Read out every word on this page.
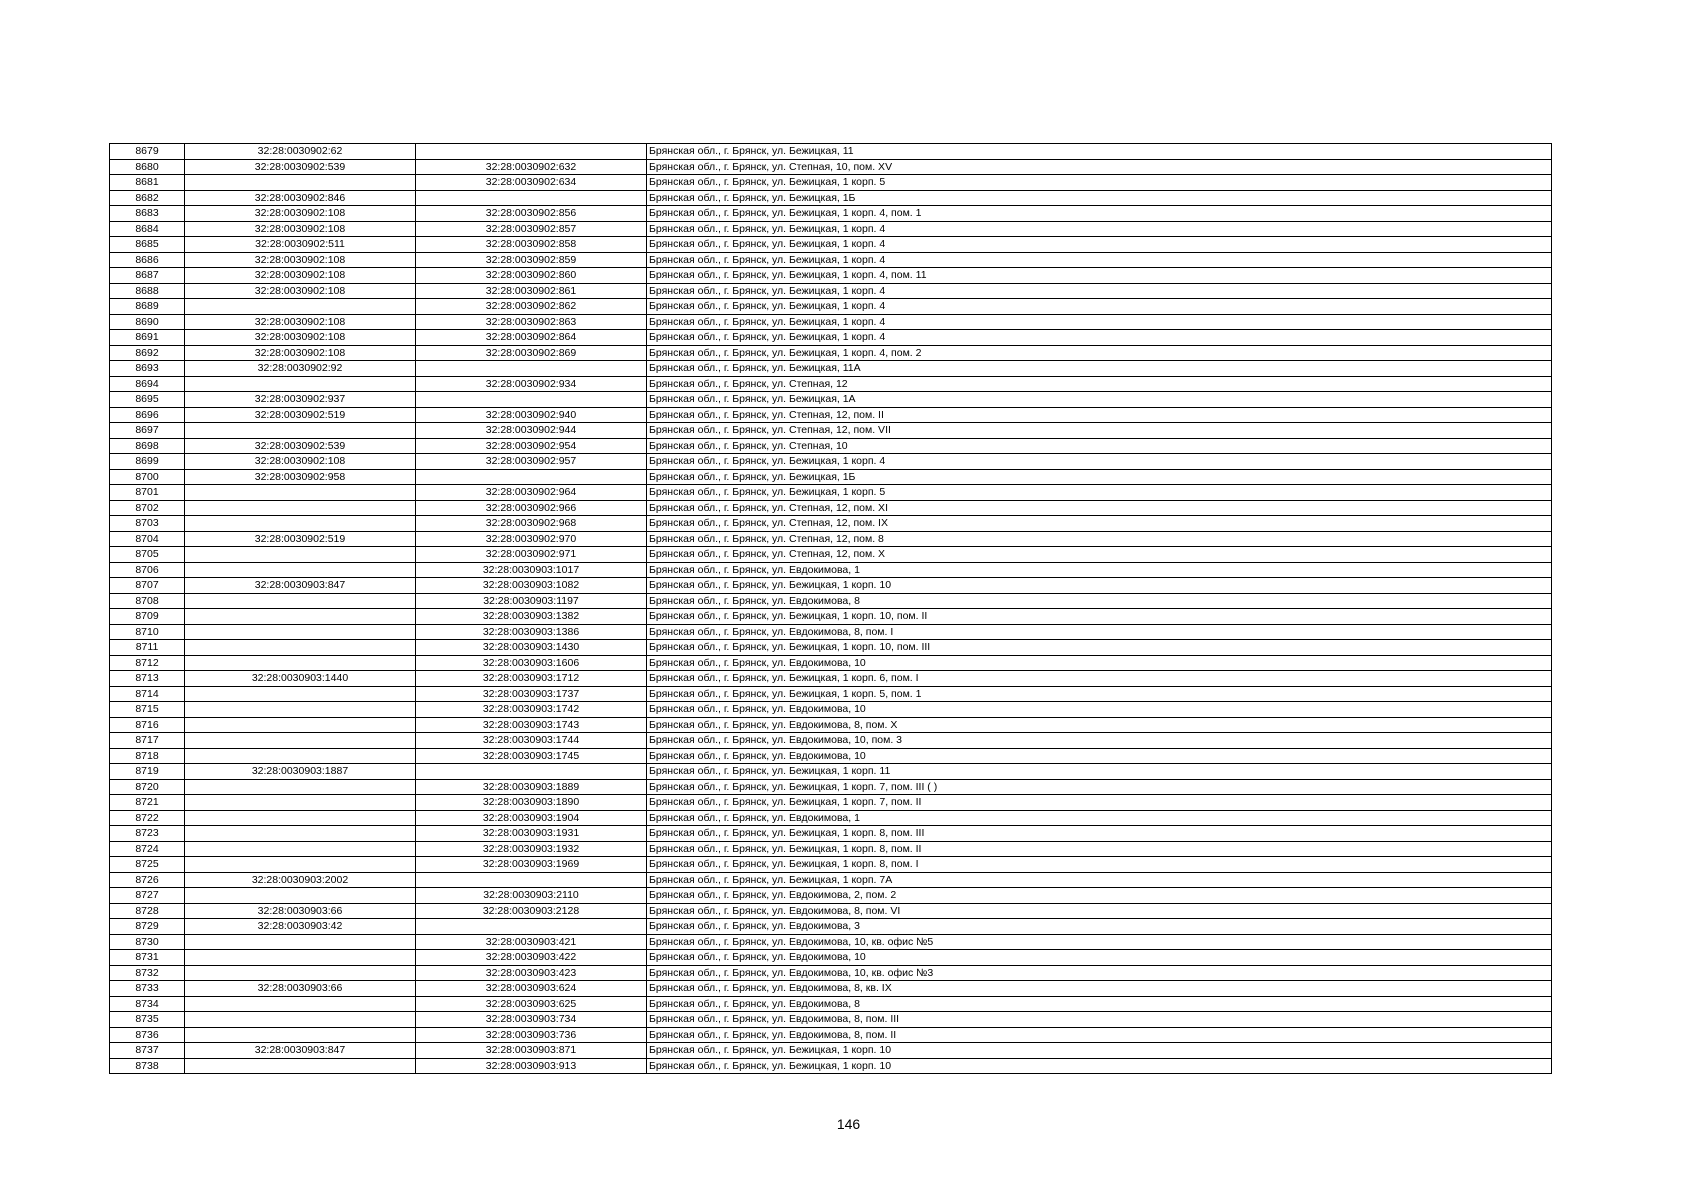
8679	32:28:0030902:62		Брянская обл., г. Брянск, ул. Бежицкая, 11
8680	32:28:0030902:539	32:28:0030902:632	Брянская обл., г. Брянск, ул. Степная, 10, пом. XV
8681		32:28:0030902:634	Брянская обл., г. Брянск, ул. Бежицкая, 1 корп. 5
8682	32:28:0030902:846		Брянская обл., г. Брянск, ул. Бежицкая, 1Б
8683	32:28:0030902:108	32:28:0030902:856	Брянская обл., г. Брянск, ул. Бежицкая, 1 корп. 4, пом. 1
8684	32:28:0030902:108	32:28:0030902:857	Брянская обл., г. Брянск, ул. Бежицкая, 1 корп. 4
8685	32:28:0030902:511	32:28:0030902:858	Брянская обл., г. Брянск, ул. Бежицкая, 1 корп. 4
8686	32:28:0030902:108	32:28:0030902:859	Брянская обл., г. Брянск, ул. Бежицкая, 1 корп. 4
8687	32:28:0030902:108	32:28:0030902:860	Брянская обл., г. Брянск, ул. Бежицкая, 1 корп. 4, пом. 11
8688	32:28:0030902:108	32:28:0030902:861	Брянская обл., г. Брянск, ул. Бежицкая, 1 корп. 4
8689		32:28:0030902:862	Брянская обл., г. Брянск, ул. Бежицкая, 1 корп. 4
8690	32:28:0030902:108	32:28:0030902:863	Брянская обл., г. Брянск, ул. Бежицкая, 1 корп. 4
8691	32:28:0030902:108	32:28:0030902:864	Брянская обл., г. Брянск, ул. Бежицкая, 1 корп. 4
8692	32:28:0030902:108	32:28:0030902:869	Брянская обл., г. Брянск, ул. Бежицкая, 1 корп. 4, пом. 2
8693	32:28:0030902:92		Брянская обл., г. Брянск, ул. Бежицкая, 11А
8694		32:28:0030902:934	Брянская обл., г. Брянск, ул. Степная, 12
8695	32:28:0030902:937		Брянская обл., г. Брянск, ул. Бежицкая, 1А
8696	32:28:0030902:519	32:28:0030902:940	Брянская обл., г. Брянск, ул. Степная, 12, пом. II
8697		32:28:0030902:944	Брянская обл., г. Брянск, ул. Степная, 12, пом. VII
8698	32:28:0030902:539	32:28:0030902:954	Брянская обл., г. Брянск, ул. Степная, 10
8699	32:28:0030902:108	32:28:0030902:957	Брянская обл., г. Брянск, ул. Бежицкая, 1 корп. 4
8700	32:28:0030902:958		Брянская обл., г. Брянск, ул. Бежицкая, 1Б
8701		32:28:0030902:964	Брянская обл., г. Брянск, ул. Бежицкая, 1 корп. 5
8702		32:28:0030902:966	Брянская обл., г. Брянск, ул. Степная, 12, пом. XI
8703		32:28:0030902:968	Брянская обл., г. Брянск, ул. Степная, 12, пом. IX
8704	32:28:0030902:519	32:28:0030902:970	Брянская обл., г. Брянск, ул. Степная, 12, пом. 8
8705		32:28:0030902:971	Брянская обл., г. Брянск, ул. Степная, 12, пом. X
8706		32:28:0030903:1017	Брянская обл., г. Брянск, ул. Евдокимова, 1
8707	32:28:0030903:847	32:28:0030903:1082	Брянская обл., г. Брянск, ул. Бежицкая, 1 корп. 10
8708		32:28:0030903:1197	Брянская обл., г. Брянск, ул. Евдокимова, 8
8709		32:28:0030903:1382	Брянская обл., г. Брянск, ул. Бежицкая, 1 корп. 10, пом. II
8710		32:28:0030903:1386	Брянская обл., г. Брянск, ул. Евдокимова, 8, пом. I
8711		32:28:0030903:1430	Брянская обл., г. Брянск, ул. Бежицкая, 1 корп. 10, пом. III
8712		32:28:0030903:1606	Брянская обл., г. Брянск, ул. Евдокимова, 10
8713	32:28:0030903:1440	32:28:0030903:1712	Брянская обл., г. Брянск, ул. Бежицкая, 1 корп. 6, пом. I
8714		32:28:0030903:1737	Брянская обл., г. Брянск, ул. Бежицкая, 1 корп. 5, пом. 1
8715		32:28:0030903:1742	Брянская обл., г. Брянск, ул. Евдокимова, 10
8716		32:28:0030903:1743	Брянская обл., г. Брянск, ул. Евдокимова, 8, пом. X
8717		32:28:0030903:1744	Брянская обл., г. Брянск, ул. Евдокимова, 10, пом. 3
8718		32:28:0030903:1745	Брянская обл., г. Брянск, ул. Евдокимова, 10
8719	32:28:0030903:1887		Брянская обл., г. Брянск, ул. Бежицкая, 1 корп. 11
8720		32:28:0030903:1889	Брянская обл., г. Брянск, ул. Бежицкая, 1 корп. 7, пом. III ( )
8721		32:28:0030903:1890	Брянская обл., г. Брянск, ул. Бежицкая, 1 корп. 7, пом. II
8722		32:28:0030903:1904	Брянская обл., г. Брянск, ул. Евдокимова, 1
8723		32:28:0030903:1931	Брянская обл., г. Брянск, ул. Бежицкая, 1 корп. 8, пом. III
8724		32:28:0030903:1932	Брянская обл., г. Брянск, ул. Бежицкая, 1 корп. 8, пом. II
8725		32:28:0030903:1969	Брянская обл., г. Брянск, ул. Бежицкая, 1 корп. 8, пом. I
8726	32:28:0030903:2002		Брянская обл., г. Брянск, ул. Бежицкая, 1 корп. 7А
8727		32:28:0030903:2110	Брянская обл., г. Брянск, ул. Евдокимова, 2, пом. 2
8728	32:28:0030903:66	32:28:0030903:2128	Брянская обл., г. Брянск, ул. Евдокимова, 8, пом. VI
8729	32:28:0030903:42		Брянская обл., г. Брянск, ул. Евдокимова, 3
8730		32:28:0030903:421	Брянская обл., г. Брянск, ул. Евдокимова, 10, кв. офис №5
8731		32:28:0030903:422	Брянская обл., г. Брянск, ул. Евдокимова, 10
8732		32:28:0030903:423	Брянская обл., г. Брянск, ул. Евдокимова, 10, кв. офис №3
8733	32:28:0030903:66	32:28:0030903:624	Брянская обл., г. Брянск, ул. Евдокимова, 8, кв. IX
8734		32:28:0030903:625	Брянская обл., г. Брянск, ул. Евдокимова, 8
8735		32:28:0030903:734	Брянская обл., г. Брянск, ул. Евдокимова, 8, пом. III
8736		32:28:0030903:736	Брянская обл., г. Брянск, ул. Евдокимова, 8, пом. II
8737	32:28:0030903:847	32:28:0030903:871	Брянская обл., г. Брянск, ул. Бежицкая, 1 корп. 10
8738		32:28:0030903:913	Брянская обл., г. Брянск, ул. Бежицкая, 1 корп. 10
146
